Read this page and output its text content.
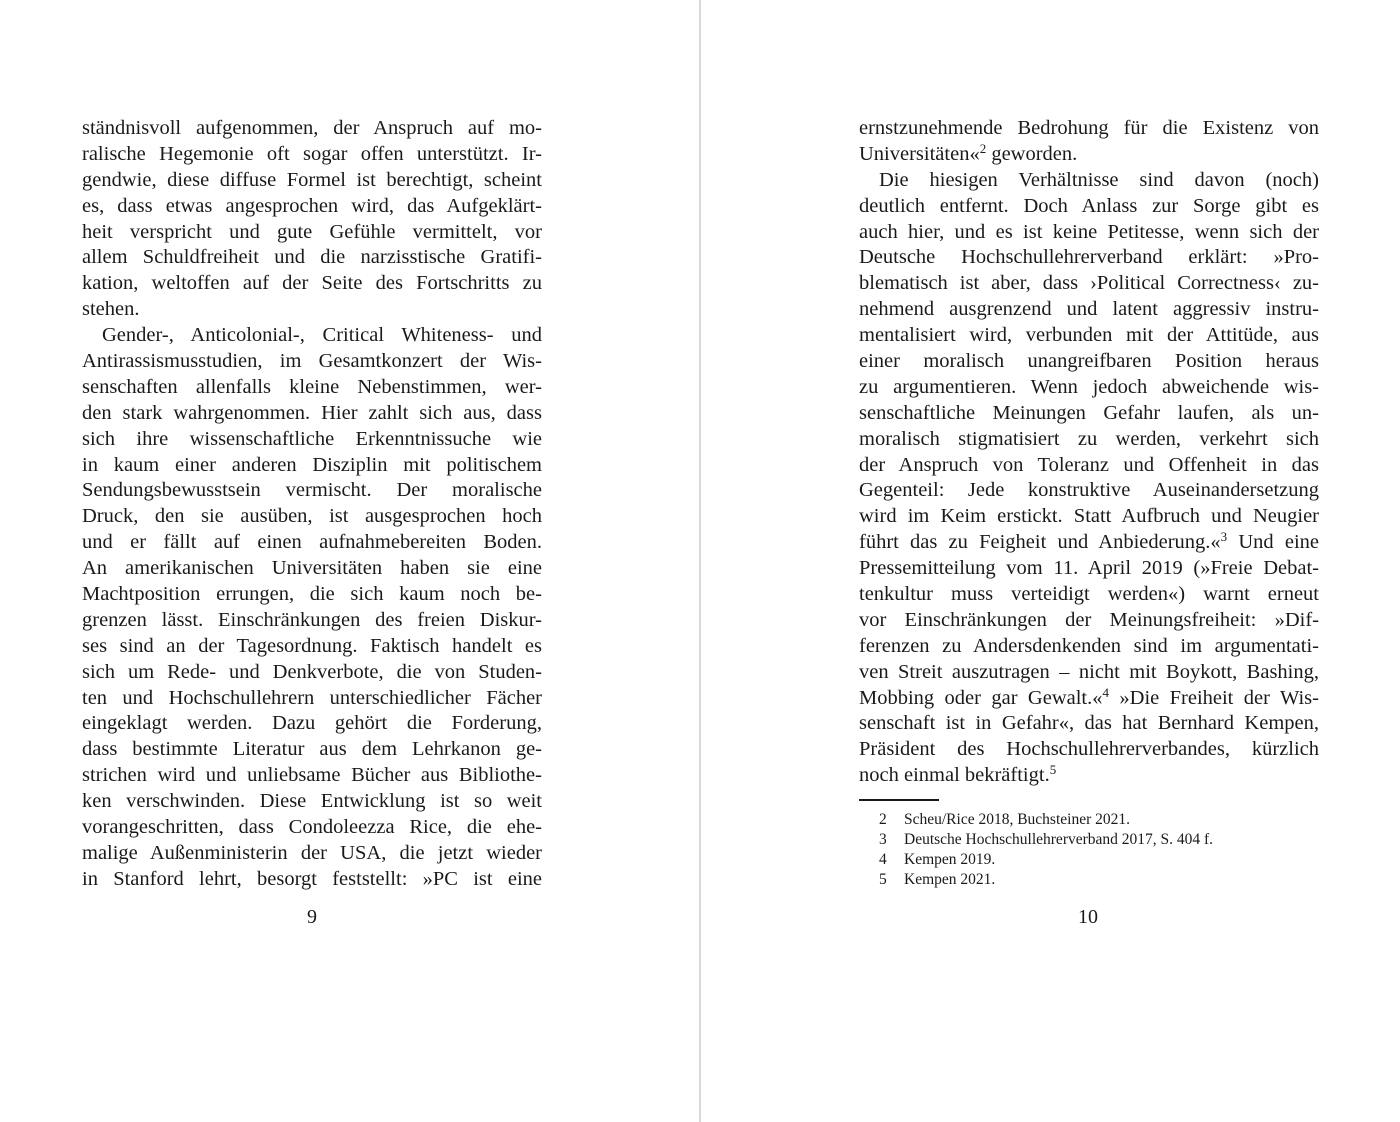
ständnisvoll aufgenommen, der Anspruch auf mo-
ralische Hegemonie oft sogar offen unterstützt. Ir-
gendwie, diese diffuse Formel ist berechtigt, scheint
es, dass etwas angesprochen wird, das Aufgeklärt-
heit verspricht und gute Gefühle vermittelt, vor
allem Schuldfreiheit und die narzisstische Gratifi-
kation, weltoffen auf der Seite des Fortschritts zu
stehen.
Gender-, Anticolonial-, Critical Whiteness- und
Antirassismusstudien, im Gesamtkonzert der Wis-
senschaften allenfalls kleine Nebenstimmen, wer-
den stark wahrgenommen. Hier zahlt sich aus, dass
sich ihre wissenschaftliche Erkenntnissuche wie
in kaum einer anderen Disziplin mit politischem
Sendungsbewusstsein vermischt. Der moralische
Druck, den sie ausüben, ist ausgesprochen hoch
und er fällt auf einen aufnahmebereiten Boden.
An amerikanischen Universitäten haben sie eine
Machtposition errungen, die sich kaum noch be-
grenzen lässt. Einschränkungen des freien Diskur-
ses sind an der Tagesordnung. Faktisch handelt es
sich um Rede- und Denkverbote, die von Studen-
ten und Hochschullehrern unterschiedlicher Fächer
eingeklagt werden. Dazu gehört die Forderung,
dass bestimmte Literatur aus dem Lehrkanon ge-
strichen wird und unliebsame Bücher aus Bibliothe-
ken verschwinden. Diese Entwicklung ist so weit
vorangeschritten, dass Condoleezza Rice, die ehe-
malige Außenministerin der USA, die jetzt wieder
in Stanford lehrt, besorgt feststellt: »PC ist eine
9
ernstzunehmende Bedrohung für die Existenz von
Universitäten«$^2$ geworden.
Die hiesigen Verhältnisse sind davon (noch)
deutlich entfernt. Doch Anlass zur Sorge gibt es
auch hier, und es ist keine Petitesse, wenn sich der
Deutsche Hochschullehrerverband erklärt: »Pro-
blematisch ist aber, dass ›Political Correctness‹ zu-
nehmend ausgrenzend und latent aggressiv instru-
mentalisiert wird, verbunden mit der Attitüde, aus
einer moralisch unangreifbaren Position heraus
zu argumentieren. Wenn jedoch abweichende wis-
senschaftliche Meinungen Gefahr laufen, als un-
moralisch stigmatisiert zu werden, verkehrt sich
der Anspruch von Toleranz und Offenheit in das
Gegenteil: Jede konstruktive Auseinandersetzung
wird im Keim erstickt. Statt Aufbruch und Neugier
führt das zu Feigheit und Anbiederung.«$^3$ Und eine
Pressemitteilung vom 11. April 2019 (»Freie Debat-
tenkultur muss verteidigt werden«) warnt erneut
vor Einschränkungen der Meinungsfreiheit: »Dif-
ferenzen zu Andersdenkenden sind im argumentati-
ven Streit auszutragen – nicht mit Boykott, Bashing,
Mobbing oder gar Gewalt.«$^4$ »Die Freiheit der Wis-
senschaft ist in Gefahr«, das hat Bernhard Kempen,
Präsident des Hochschullehrerverbandes, kürzlich
noch einmal bekräftigt.$^5$
2 Scheu/Rice 2018, Buchsteiner 2021.
3 Deutsche Hochschullehrerverband 2017, S. 404 f.
4 Kempen 2019.
5 Kempen 2021.
10
